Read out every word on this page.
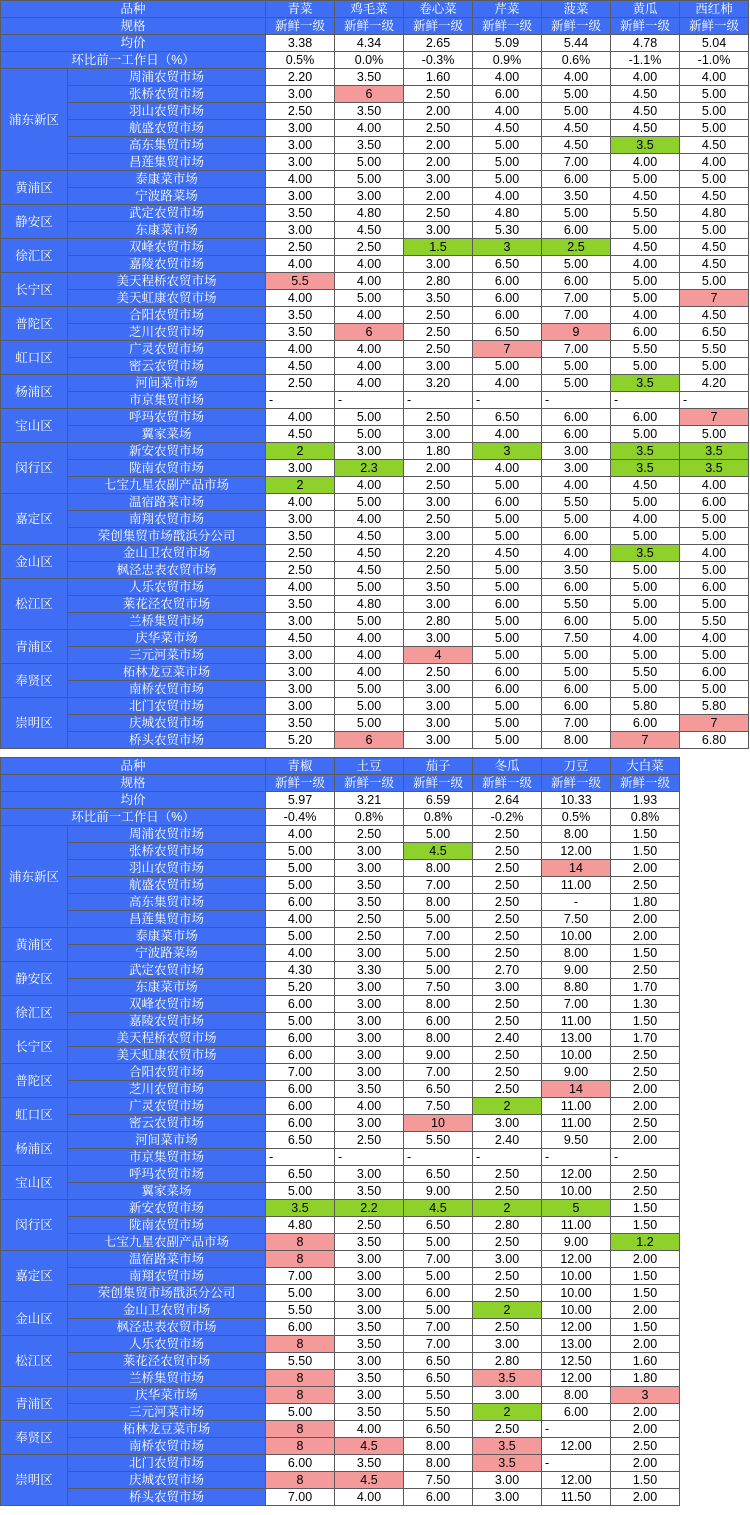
品种		青菜	鸡毛菜	卷心菜	芹菜	菠菜	黄瓜	西红柿
规格		新鲜一级	新鲜一级	新鲜一级	新鲜一级	新鲜一级	新鲜一级	新鲜一级
均价		3.38	4.34	2.65	5.09	5.44	4.78	5.04
环比前一工作日（%）		0.5%	0.0%	-0.3%	0.9%	0.6%	-1.1%	-1.0%
浦东新区	周浦农贸市场	2.20	3.50	1.60	4.00	4.00	4.00	4.00
	张桥农贸市场	3.00	6	2.50	6.00	5.00	4.50	5.00
	羽山农贸市场	2.50	3.50	2.00	4.00	5.00	4.50	5.00
	航盛农贸市场	3.00	4.00	2.50	4.50	4.50	4.50	5.00
	高东集贸市场	3.00	3.50	2.00	5.00	4.50	3.5	4.50
	昌莲集贸市场	3.00	5.00	2.00	5.00	7.00	4.00	4.00
黄浦区	泰康菜市场	4.00	5.00	3.00	5.00	6.00	5.00	5.00
	宁波路菜场	3.00	3.00	2.00	4.00	3.50	4.50	4.50
静安区	武定农贸市场	3.50	4.80	2.50	4.80	5.00	5.50	4.80
	东康菜市场	3.00	4.50	3.00	5.30	6.00	5.00	5.00
徐汇区	双峰农贸市场	2.50	2.50	1.5	3	2.5	4.50	4.50
	嘉陵农贸市场	4.00	4.00	3.00	6.50	5.00	4.00	4.50
长宁区	美天程桥农贸市场	5.5	4.00	2.80	6.00	6.00	5.00	5.00
	美天虹康农贸市场	4.00	5.00	3.50	6.00	7.00	5.00	7
普陀区	合阳农贸市场	3.50	4.00	2.50	6.00	7.00	4.00	4.50
	芝川农贸市场	3.50	6	2.50	6.50	9	6.00	6.50
虹口区	广灵农贸市场	4.00	4.00	2.50	7	7.00	5.50	5.50
	密云农贸市场	4.50	4.00	3.00	5.00	5.00	5.00	5.00
杨浦区	河间菜市场	2.50	4.00	3.20	4.00	5.00	3.5	4.20
	市京集贸市场	-	-	-	-	-	-	-
宝山区	呼玛农贸市场	4.00	5.00	2.50	6.50	6.00	6.00	7
	翼家菜场	4.50	5.00	3.00	4.00	6.00	5.00	5.00
闵行区	新安农贸市场	2	3.00	1.80	3	3.00	3.5	3.5
	陇南农贸市场	3.00	2.3	2.00	4.00	3.00	3.5	3.5
	七宝九星农副产品市场	2	4.00	2.50	5.00	4.00	4.50	4.00
嘉定区	温宿路菜市场	4.00	5.00	3.00	6.00	5.50	5.00	6.00
	南翔农贸市场	3.00	4.00	2.50	5.00	5.00	4.00	5.00
	荣创集贸市场戬浜分公司	3.50	4.50	3.00	5.00	6.00	5.00	5.00
金山区	金山卫农贸市场	2.50	4.50	2.20	4.50	4.00	3.5	4.00
	枫泾忠表农贸市场	2.50	4.50	2.50	5.00	3.50	5.00	5.00
松江区	人乐农贸市场	4.00	5.00	3.50	5.00	6.00	5.00	6.00
	莱花泾农贸市场	3.50	4.80	3.00	6.00	5.50	5.00	5.00
	兰桥集贸市场	3.00	5.00	2.80	5.00	6.00	5.00	5.50
青浦区	庆华菜市场	4.50	4.00	3.00	5.00	7.50	4.00	4.00
	三元河菜市场	3.00	4.00	4	5.00	5.00	5.00	5.00
奉贤区	柘林龙豆菜市场	3.00	4.00	2.50	6.00	5.00	5.50	6.00
	南桥农贸市场	3.00	5.00	3.00	6.00	6.00	5.00	5.00
崇明区	北门农贸市场	3.00	5.00	3.00	5.00	6.00	5.80	5.80
	庆城农贸市场	3.50	5.00	3.00	5.00	7.00	6.00	7
	桥头农贸市场	5.20	6	3.00	5.00	8.00	7	6.80
品种		青椒	土豆	茄子	冬瓜	刀豆	大白菜
规格		新鲜一级	新鲜一级	新鲜一级	新鲜一级	新鲜一级	新鲜一级
均价		5.97	3.21	6.59	2.64	10.33	1.93
环比前一工作日（%）		-0.4%	0.8%	0.8%	-0.2%	0.5%	0.8%
浦东新区	周浦农贸市场	4.00	2.50	5.00	2.50	8.00	1.50
	张桥农贸市场	5.00	3.00	4.5	2.50	12.00	1.50
	羽山农贸市场	5.00	3.00	8.00	2.50	14	2.00
	航盛农贸市场	5.00	3.50	7.00	2.50	11.00	2.50
	高东集贸市场	6.00	3.50	8.00	2.50	-	1.80
	昌莲集贸市场	4.00	2.50	5.00	2.50	7.50	2.00
黄浦区	泰康菜市场	5.00	2.50	7.00	2.50	10.00	2.00
	宁波路菜场	4.00	3.00	5.00	2.50	8.00	1.50
静安区	武定农贸市场	4.30	3.30	5.00	2.70	9.00	2.50
	东康菜市场	5.20	3.00	7.50	3.00	8.80	1.70
徐汇区	双峰农贸市场	6.00	3.00	8.00	2.50	7.00	1.30
	嘉陵农贸市场	5.00	3.00	6.00	2.50	11.00	1.50
长宁区	美天程桥农贸市场	6.00	3.00	8.00	2.40	13.00	1.70
	美天虹康农贸市场	6.00	3.00	9.00	2.50	10.00	2.50
普陀区	合阳农贸市场	7.00	3.00	7.00	2.50	9.00	2.50
	芝川农贸市场	6.00	3.50	6.50	2.50	14	2.00
虹口区	广灵农贸市场	6.00	4.00	7.50	2	11.00	2.00
	密云农贸市场	6.00	3.00	10	3.00	11.00	2.50
杨浦区	河间菜市场	6.50	2.50	5.50	2.40	9.50	2.00
	市京集贸市场	-	-	-	-	-	-
宝山区	呼玛农贸市场	6.50	3.00	6.50	2.50	12.00	2.50
	翼家菜场	5.00	3.50	9.00	2.50	10.00	2.50
闵行区	新安农贸市场	3.5	2.2	4.5	2	5	1.50
	陇南农贸市场	4.80	2.50	6.50	2.80	11.00	1.50
	七宝九星农副产品市场	8	3.50	5.00	2.50	9.00	1.2
嘉定区	温宿路菜市场	8	3.00	7.00	3.00	12.00	2.00
	南翔农贸市场	7.00	3.00	5.00	2.50	10.00	1.50
	荣创集贸市场戬浜分公司	5.00	3.00	6.00	2.50	10.00	1.50
金山区	金山卫农贸市场	5.50	3.00	5.00	2	10.00	2.00
	枫泾忠表农贸市场	6.00	3.50	7.00	2.50	12.00	1.50
松江区	人乐农贸市场	8	3.50	7.00	3.00	13.00	2.00
	莱花泾农贸市场	5.50	3.00	6.50	2.80	12.50	1.60
	兰桥集贸市场	8	3.50	6.50	3.5	12.00	1.80
青浦区	庆华菜市场	8	3.00	5.50	3.00	8.00	3
	三元河菜市场	5.00	3.50	5.50	2	6.00	2.00
奉贤区	柘林龙豆菜市场	8	4.00	6.50	2.50	-	2.00
	南桥农贸市场	8	4.5	8.00	3.5	12.00	2.50
崇明区	北门农贸市场	6.00	3.50	8.00	3.5	-	2.00
	庆城农贸市场	8	4.5	7.50	3.00	12.00	1.50
	桥头农贸市场	7.00	4.00	6.00	3.00	11.50	2.00
